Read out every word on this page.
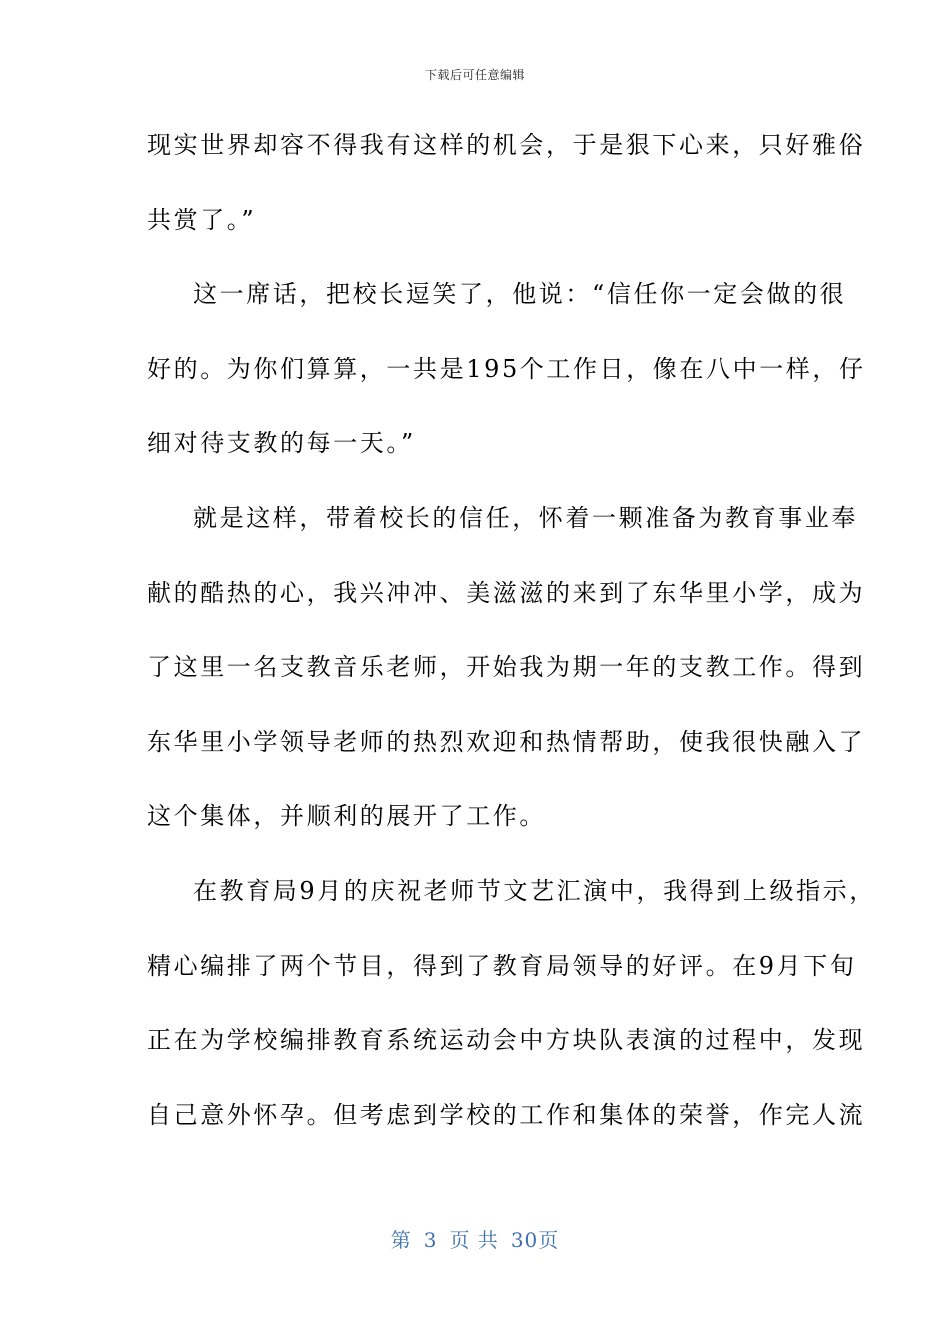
下载后可任意编辑
现实世界却容不得我有这样的机会，于是狠下心来，只好雅俗
共赏了。”
这一席话，把校长逗笑了，他说：“信任你一定会做的很
好的。为你们算算，一共是195个工作日，像在八中一样，仔
细对待支教的每一天。”
就是这样，带着校长的信任，怀着一颗准备为教育事业奉
献的酷热的心，我兴冲冲、美滋滋的来到了东华里小学，成为
了这里一名支教音乐老师，开始我为期一年的支教工作。得到
东华里小学领导老师的热烈欢迎和热情帮助，使我很快融入了
这个集体，并顺利的展开了工作。
在教育局9月的庆祝老师节文艺汇演中，我得到上级指示，
精心编排了两个节目，得到了教育局领导的好评。在9月下旬
正在为学校编排教育系统运动会中方块队表演的过程中，发现
自己意外怀孕。但考虑到学校的工作和集体的荣誉，作完人流
第 3 页 共 30页
